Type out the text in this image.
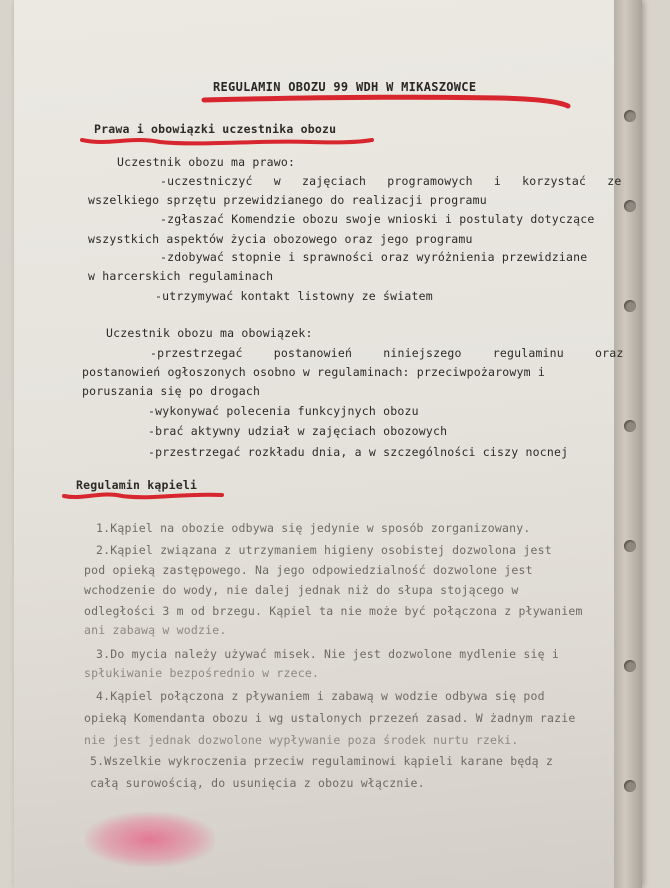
REGULAMIN OBOZU 99 WDH W MIKASZOWCE
Prawa i obowiązki uczestnika obozu
Uczestnik obozu ma prawo:
-uczestniczyć w zajęciach programowych i korzystać ze
wszelkiego sprzętu przewidzianego do realizacji programu
-zgłaszać Komendzie obozu swoje wnioski i postulaty dotyczące
wszystkich aspektów życia obozowego oraz jego programu
-zdobywać stopnie i sprawności oraz wyróżnienia przewidziane
w harcerskich regulaminach
-utrzymywać kontakt listowny ze światem
Uczestnik obozu ma obowiązek:
-przestrzegać postanowień niniejszego regulaminu oraz
postanowień ogłoszonych osobno w regulaminach: przeciwpożarowym i
poruszania się po drogach
-wykonywać polecenia funkcyjnych obozu
-brać aktywny udział w zajęciach obozowych
-przestrzegać rozkładu dnia, a w szczególności ciszy nocnej
Regulamin kąpieli
1.Kąpiel na obozie odbywa się jedynie w sposób zorganizowany.
2.Kąpiel związana z utrzymaniem higieny osobistej dozwolona jest
pod opieką zastępowego. Na jego odpowiedzialność dozwolone jest
wchodzenie do wody, nie dalej jednak niż do słupa stojącego w
odległości 3 m od brzegu. Kąpiel ta nie może być połączona z pływaniem
ani zabawą w wodzie.
3.Do mycia należy używać misek. Nie jest dozwolone mydlenie się i
spłukiwanie bezpośrednio w rzece.
4.Kąpiel połączona z pływaniem i zabawą w wodzie odbywa się pod
opieką Komendanta obozu i wg ustalonych przezeń zasad. W żadnym razie
nie jest jednak dozwolone wypływanie poza środek nurtu rzeki.
5.Wszelkie wykroczenia przeciw regulaminowi kąpieli karane będą z
całą surowością, do usunięcia z obozu włącznie.
